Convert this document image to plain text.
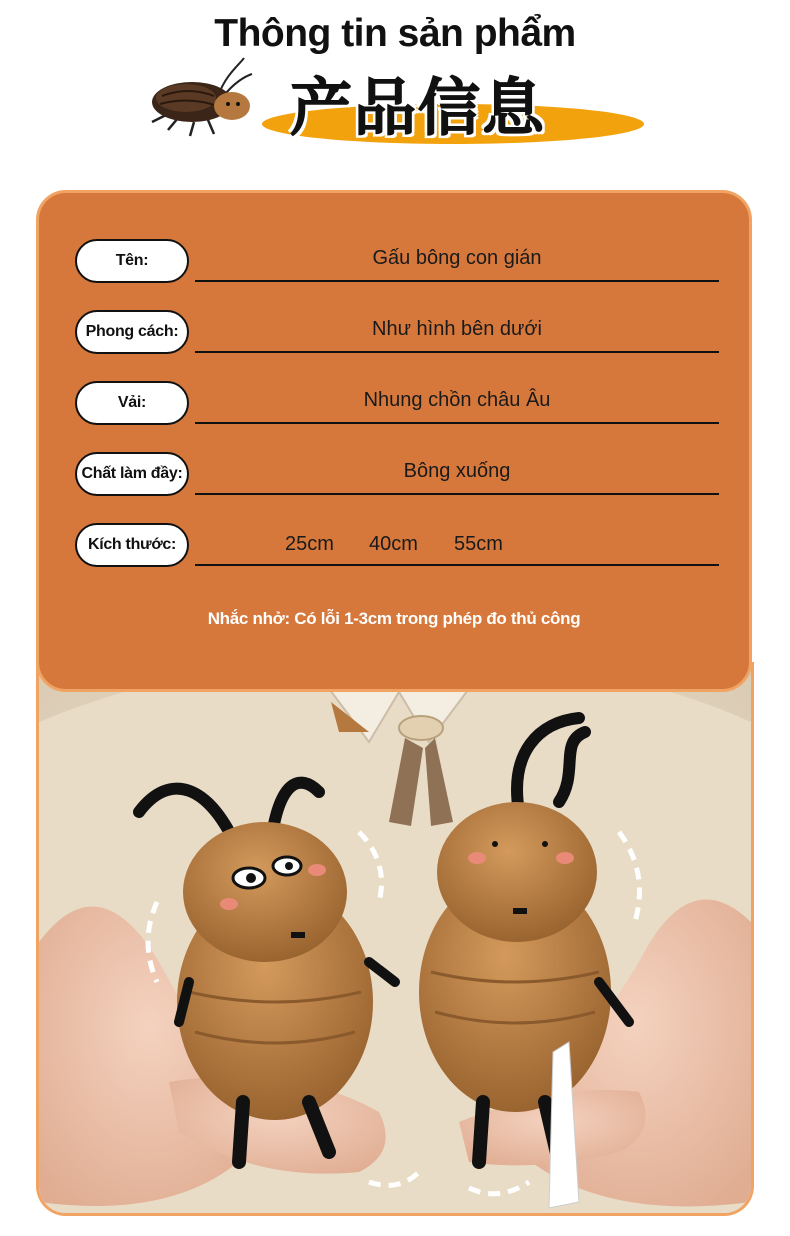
Thông tin sản phẩm
产品信息
Tên:	Gấu bông con gián
Phong cách:	Như hình bên dưới
Vải:	Nhung chồn châu Âu
Chất làm đầy:	Bông xuống
Kích thước:	25cm 40cm 55cm
Nhắc nhở: Có lỗi 1-3cm trong phép đo thủ công
